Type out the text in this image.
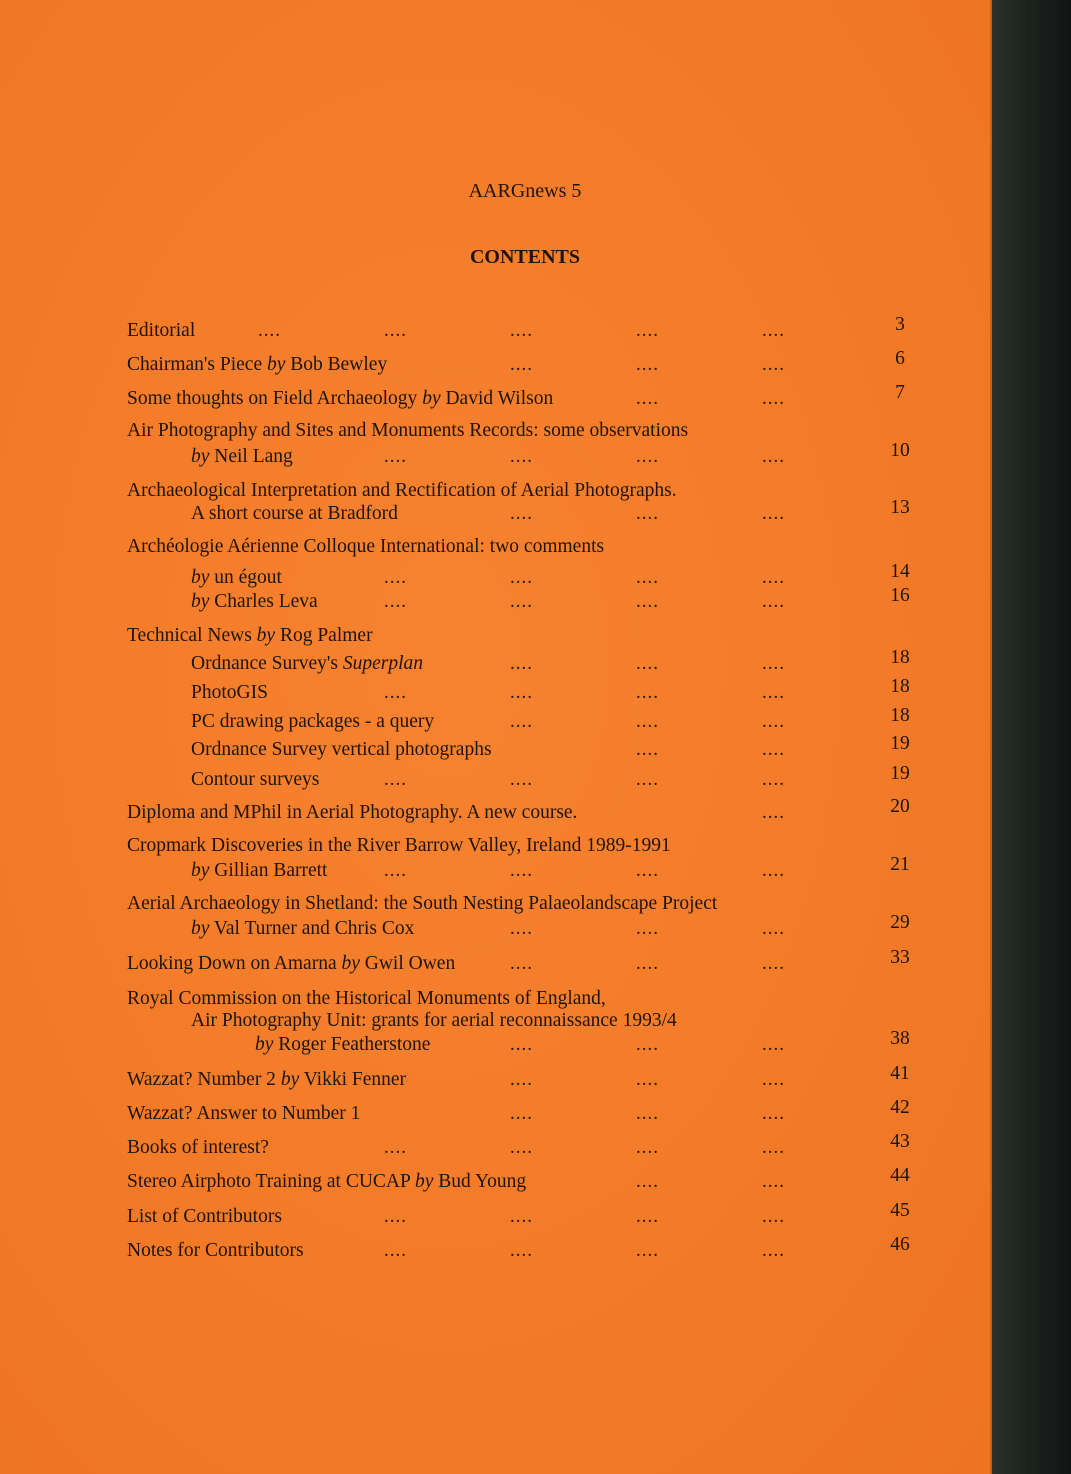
AARGnews 5
CONTENTS
Editorial	....	....	....	....	....	3
Chairman's Piece by Bob Bewley	....	....	....	6
Some thoughts on Field Archaeology by David Wilson	....	....	7
Air Photography and Sites and Monuments Records: some observations
by Neil Lang	....	....	....	....	10
Archaeological Interpretation and Rectification of Aerial Photographs.
A short course at Bradford	....	....	....	13
Archéologie Aérienne Colloque International: two comments
by un égout	....	....	....	....	14
by Charles Leva	....	....	....	....	16
Technical News by Rog Palmer
Ordnance Survey's Superplan	....	....	....	18
PhotoGIS	....	....	....	....	18
PC drawing packages - a query	....	....	....	18
Ordnance Survey vertical photographs	....	....	19
Contour surveys	....	....	....	....	19
Diploma and MPhil in Aerial Photography. A new course.	....	20
Cropmark Discoveries in the River Barrow Valley, Ireland 1989-1991
by Gillian Barrett	....	....	....	....	21
Aerial Archaeology in Shetland: the South Nesting Palaeolandscape Project
by Val Turner and Chris Cox	....	....	....	29
Looking Down on Amarna by Gwil Owen	....	....	....	33
Royal Commission on the Historical Monuments of England,
Air Photography Unit: grants for aerial reconnaissance 1993/4
by Roger Featherstone	....	....	....	38
Wazzat? Number 2 by Vikki Fenner	....	....	....	41
Wazzat? Answer to Number 1	....	....	....	42
Books of interest?	....	....	....	....	43
Stereo Airphoto Training at CUCAP by Bud Young	....	....	44
List of Contributors	....	....	....	....	45
Notes for Contributors	....	....	....	....	46
